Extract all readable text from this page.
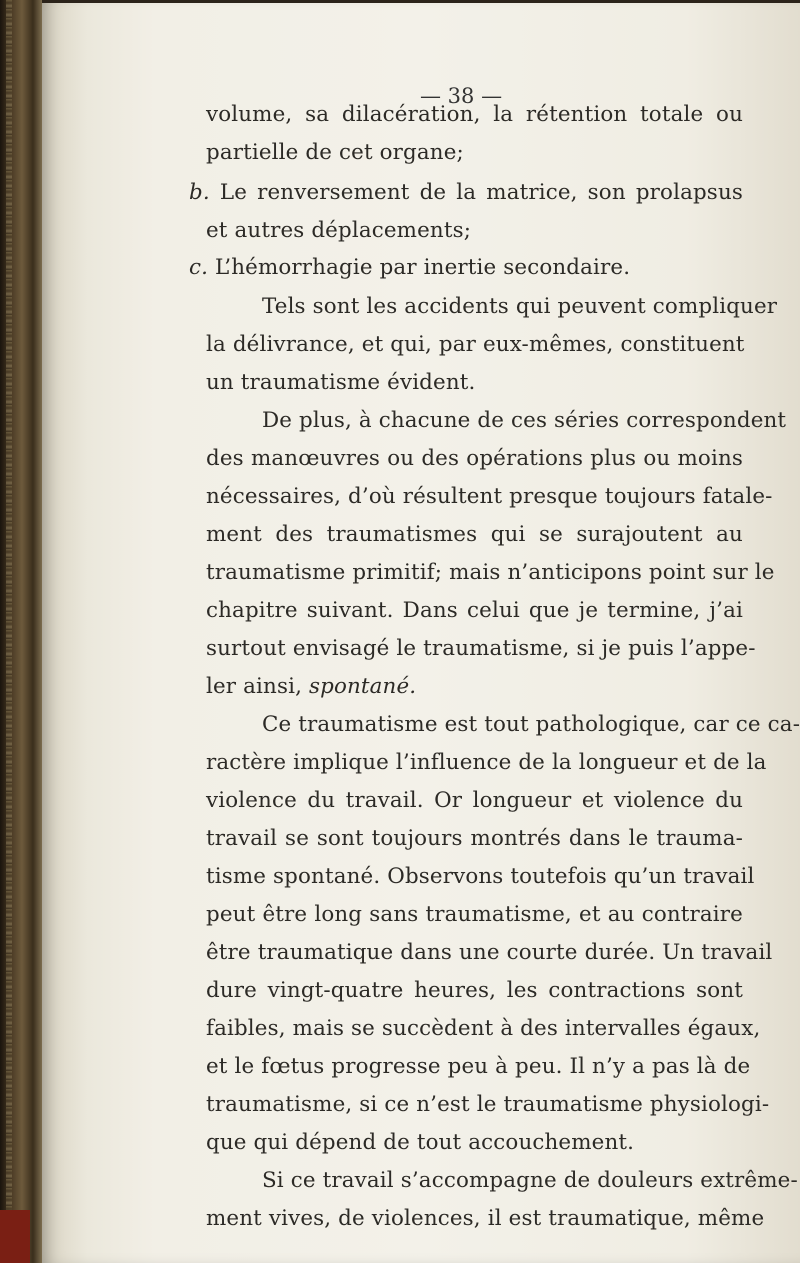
— 38 —
volume, sa dilacération, la rétention totale ou
partielle de cet organe;
b. Le renversement de la matrice, son prolapsus
et autres déplacements;
c. L’hémorrhagie par inertie secondaire.
Tels sont les accidents qui peuvent compliquer
la délivrance, et qui, par eux-mêmes, constituent
un traumatisme évident.
De plus, à chacune de ces séries correspondent
des manœuvres ou des opérations plus ou moins
nécessaires, d’où résultent presque toujours fatale-
ment des traumatismes qui se surajoutent au
traumatisme primitif; mais n’anticipons point sur le
chapitre suivant. Dans celui que je termine, j’ai
surtout envisagé le traumatisme, si je puis l’appe-
ler ainsi, spontané.
Ce traumatisme est tout pathologique, car ce ca-
ractère implique l’influence de la longueur et de la
violence du travail. Or longueur et violence du
travail se sont toujours montrés dans le trauma-
tisme spontané. Observons toutefois qu’un travail
peut être long sans traumatisme, et au contraire
être traumatique dans une courte durée. Un travail
dure vingt-quatre heures, les contractions sont
faibles, mais se succèdent à des intervalles égaux,
et le fœtus progresse peu à peu. Il n’y a pas là de
traumatisme, si ce n’est le traumatisme physiologi-
que qui dépend de tout accouchement.
Si ce travail s’accompagne de douleurs extrême-
ment vives, de violences, il est traumatique, même
